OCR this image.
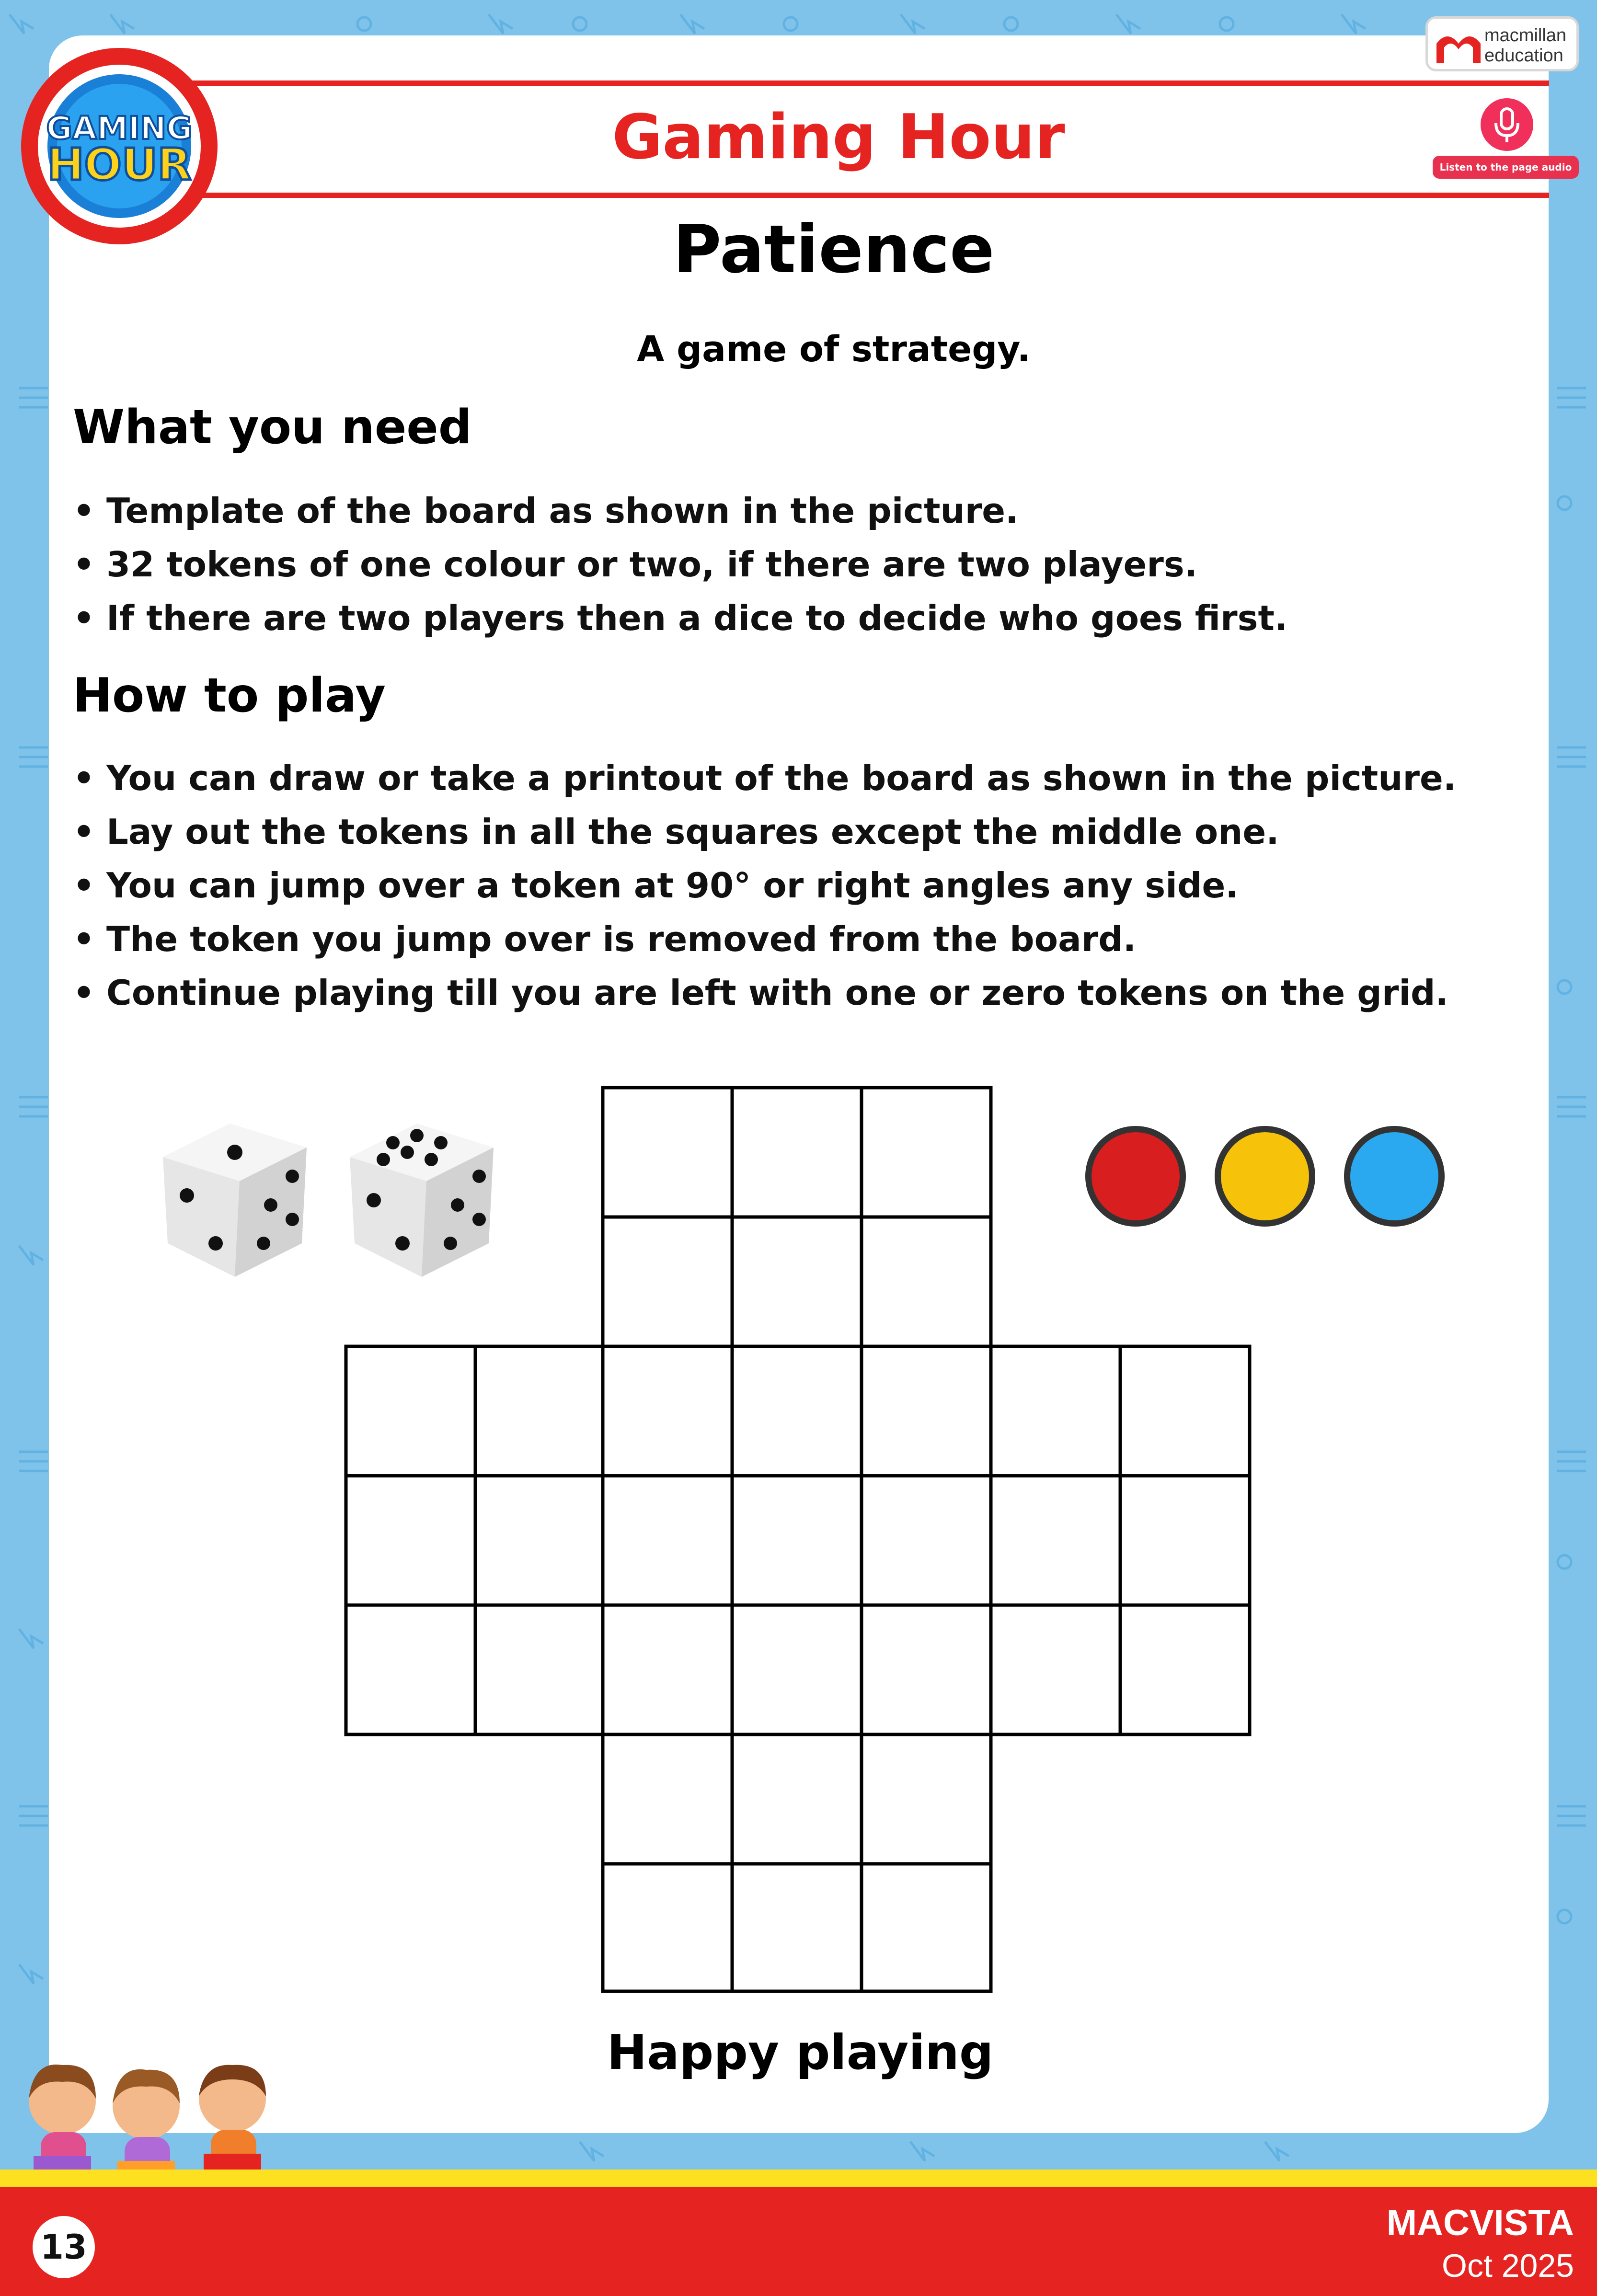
Gaming Hour
GAMING
HOUR
macmillan
education
Listen to the page audio
Patience
A game of strategy.
What you need
• Template of the board as shown in the picture.
• 32 tokens of one colour or two, if there are two players.
• If there are two players then a dice to decide who goes first.
How to play
• You can draw or take a printout of the board as shown in the picture.
• Lay out the tokens in all the squares except the middle one.
• You can jump over a token at 90° or right angles any side.
• The token you jump over is removed from the board.
• Continue playing till you are left with one or zero tokens on the grid.
Happy playing
13
MACVISTA
Oct 2025
